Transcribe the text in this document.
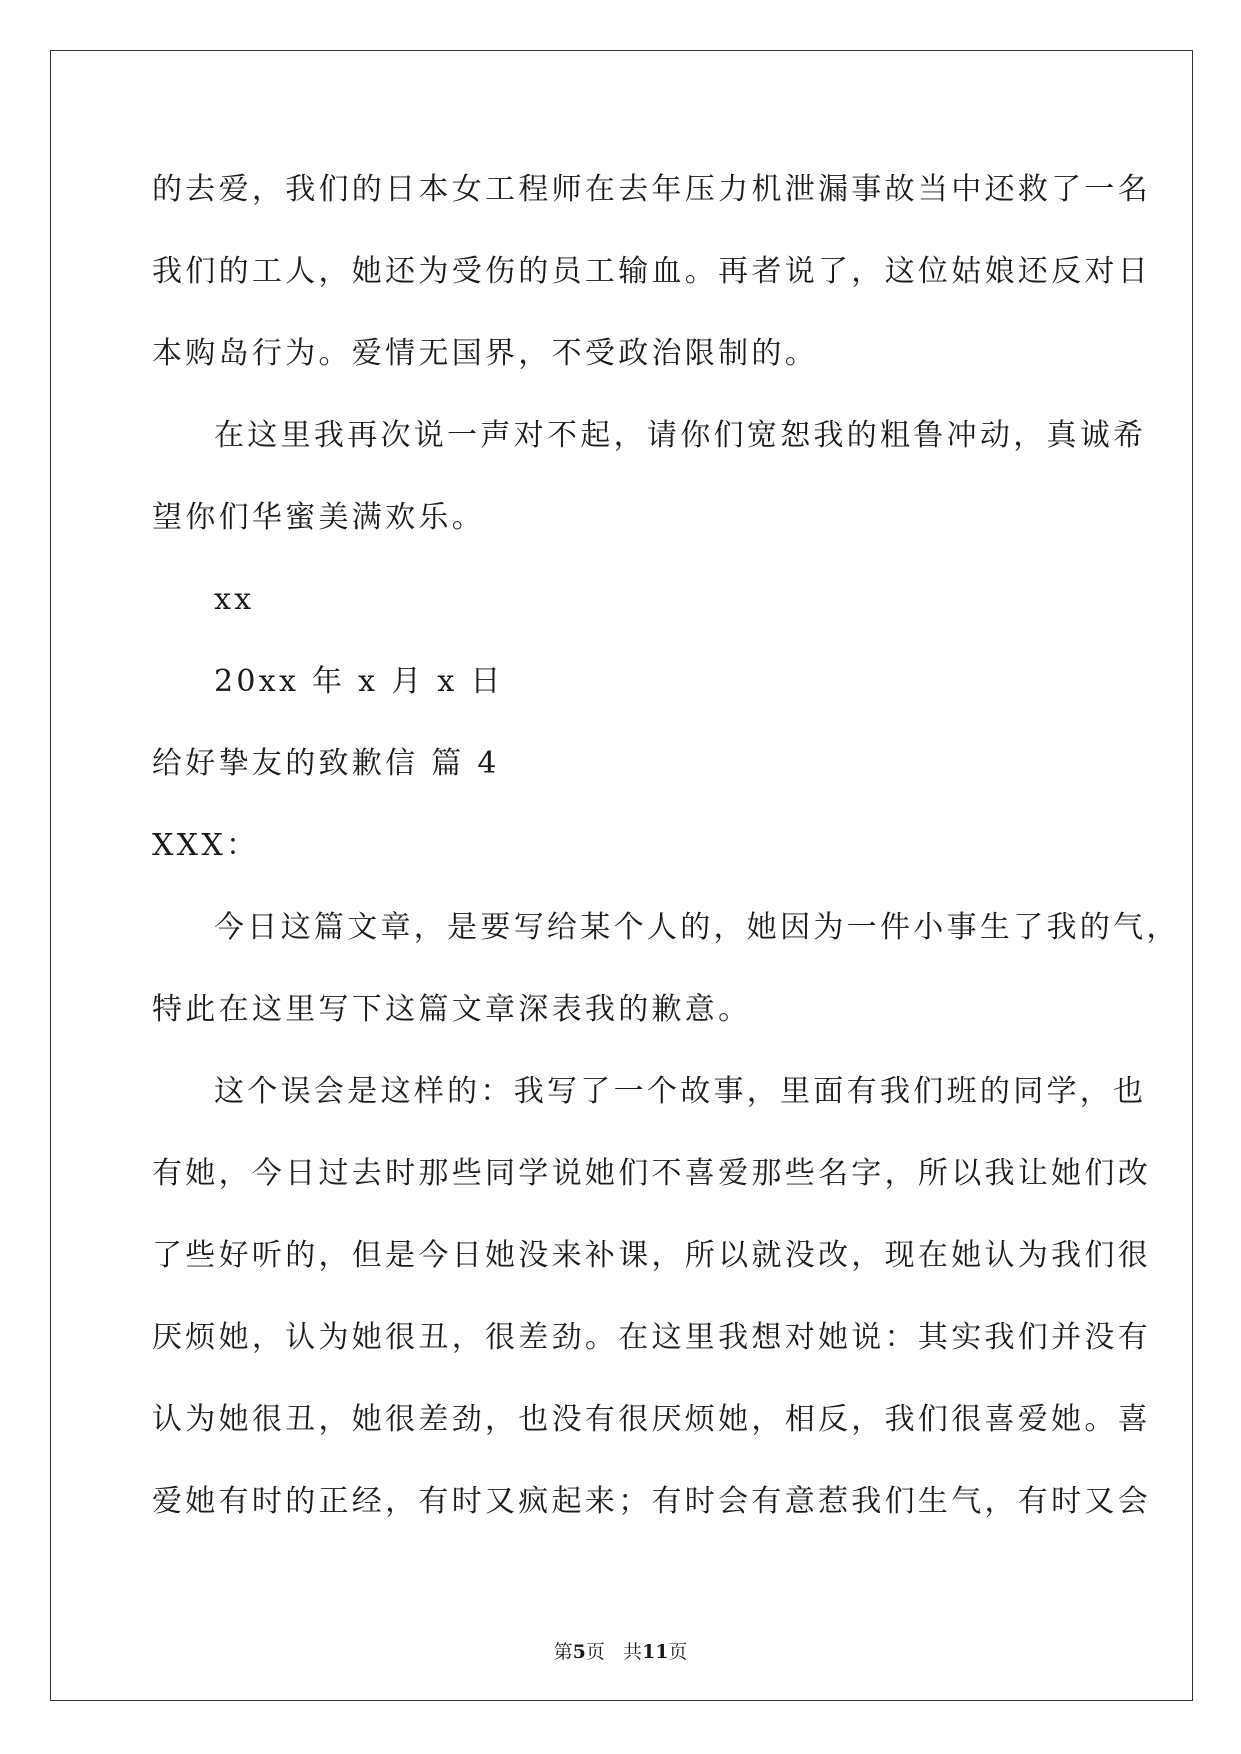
的去爱，我们的日本女工程师在去年压力机泄漏事故当中还救了一名
我们的工人，她还为受伤的员工输血。再者说了，这位姑娘还反对日
本购岛行为。爱情无国界，不受政治限制的。
在这里我再次说一声对不起，请你们宽恕我的粗鲁冲动，真诚希
望你们华蜜美满欢乐。
xx
20xx 年 x 月 x 日
给好挚友的致歉信 篇 4
XXX：
今日这篇文章，是要写给某个人的，她因为一件小事生了我的气，
特此在这里写下这篇文章深表我的歉意。
这个误会是这样的：我写了一个故事，里面有我们班的同学，也
有她，今日过去时那些同学说她们不喜爱那些名字，所以我让她们改
了些好听的，但是今日她没来补课，所以就没改，现在她认为我们很
厌烦她，认为她很丑，很差劲。在这里我想对她说：其实我们并没有
认为她很丑，她很差劲，也没有很厌烦她，相反，我们很喜爱她。喜
爱她有时的正经，有时又疯起来；有时会有意惹我们生气，有时又会
第5页 共11页
